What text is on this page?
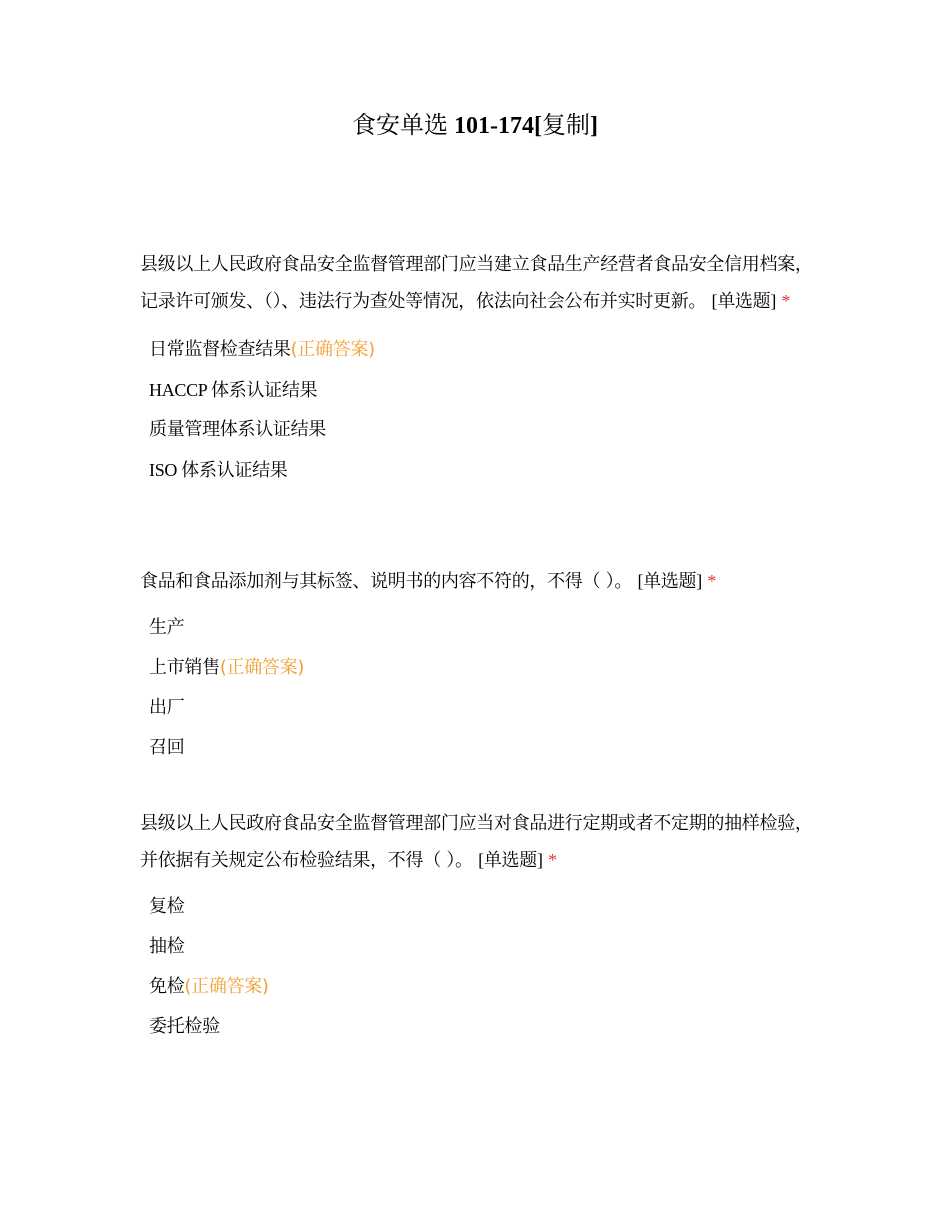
食安单选 101-174[复制]

县级以上人民政府食品安全监督管理部门应当建立食品生产经营者食品安全信用档案，记录许可颁发、（）、违法行为查处等情况，依法向社会公布并实时更新。 [单选题] *

日常监督检查结果(正确答案)
HACCP 体系认证结果
质量管理体系认证结果
ISO 体系认证结果

食品和食品添加剂与其标签、说明书的内容不符的，不得（ ）。 [单选题] *

生产
上市销售(正确答案)
出厂
召回

县级以上人民政府食品安全监督管理部门应当对食品进行定期或者不定期的抽样检验，并依据有关规定公布检验结果，不得（ ）。 [单选题] *

复检
抽检
免检(正确答案)
委托检验
